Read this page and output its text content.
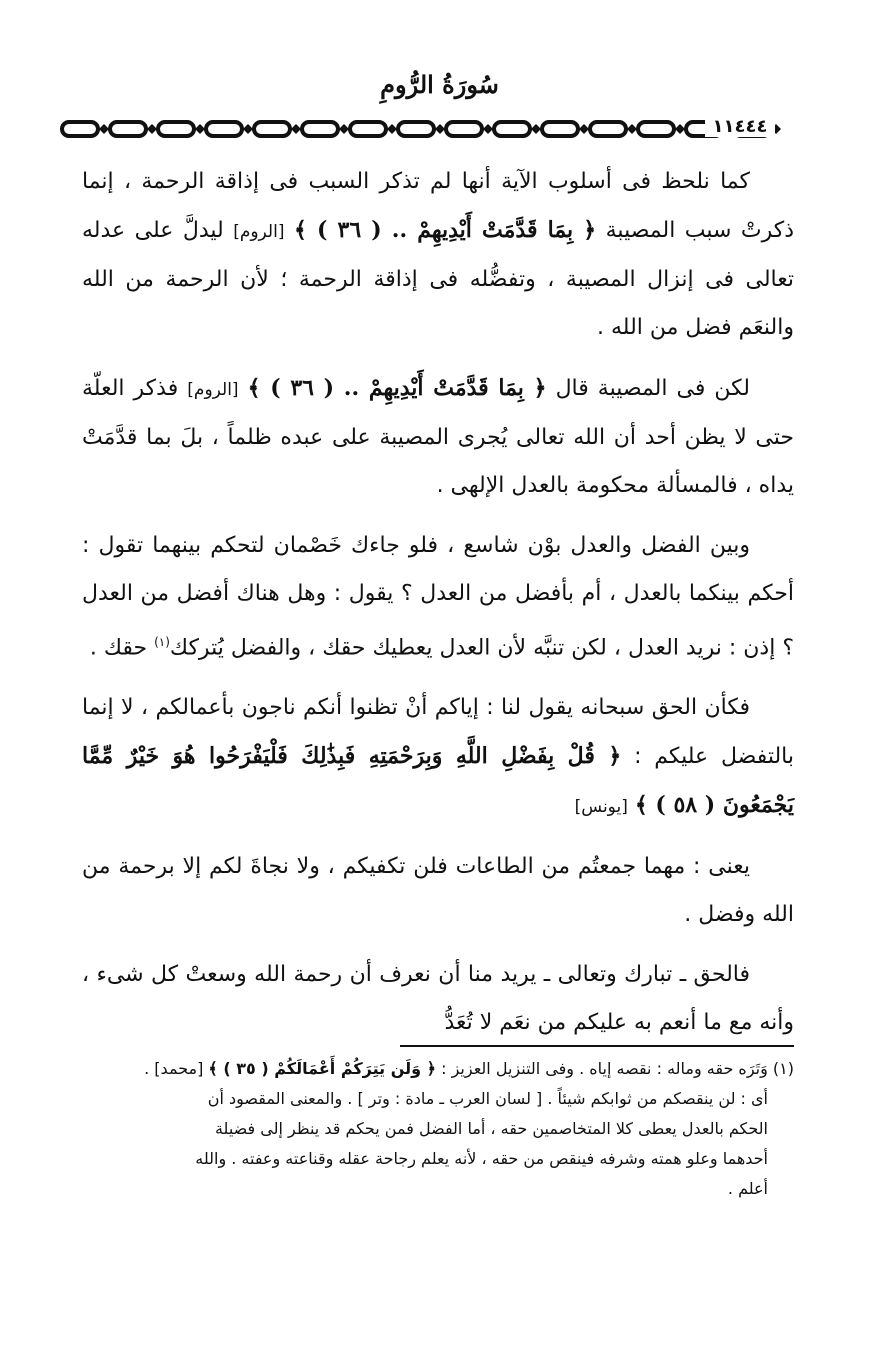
سُورَةُ الرُّومِ
١١٤٤٤

كما نلحظ فى أسلوب الآية أنها لم تذكر السبب فى إذاقة الرحمة ، إنما ذكرتْ سبب المصيبة ﴿ بِمَا قَدَّمَتْ أَيْدِيهِمْ .. ( ٣٦ ) ﴾ [الروم] ليدلَّ على عدله تعالى فى إنزال المصيبة ، وتفضُّله فى إذاقة الرحمة ؛ لأن الرحمة من الله والنعَم فضل من الله .

لكن فى المصيبة قال ﴿ بِمَا قَدَّمَتْ أَيْدِيهِمْ .. ( ٣٦ ) ﴾ [الروم] فذكر العلّة حتى لا يظن أحد أن الله تعالى يُجرى المصيبة على عبده ظلماً ، بلَ بما قدَّمَتْ يداه ، فالمسألة محكومة بالعدل الإلهى .

وبين الفضل والعدل بوْن شاسع ، فلو جاءك خَصْمان لتحكم بينهما تقول : أحكم بينكما بالعدل ، أم بأفضل من العدل ؟ يقول : وهل هناك أفضل من العدل ؟ إذن : نريد العدل ، لكن تنبَّه لأن العدل يعطيك حقك ، والفضل يُتركك$^{(١)}$ حقك .

فكأن الحق سبحانه يقول لنا : إياكم أنْ تظنوا أنكم ناجون بأعمالكم ، لا إنما بالتفضل عليكم : ﴿ قُلْ بِفَضْلِ اللَّهِ وَبِرَحْمَتِهِ فَبِذَٰلِكَ فَلْيَفْرَحُوا هُوَ خَيْرٌ مِّمَّا يَجْمَعُونَ ( ٥٨ ) ﴾ [يونس]

يعنى : مهما جمعتُم من الطاعات فلن تكفيكم ، ولا نجاةَ لكم إلا برحمة من الله وفضل .

فالحق ـ تبارك وتعالى ـ يريد منا أن نعرف أن رحمة الله وسعتْ كل شىء ، وأنه مع ما أنعم به عليكم من نعَم لا تُعَدُّ

(١) وَتَرَه حقه وماله : نقصه إياه . وفى التنزيل العزيز : ﴿ وَلَن يَتِرَكُمْ أَعْمَالَكُمْ ( ٣٥ ) ﴾ [محمد] .

أى : لن ينقصكم من ثوابكم شيئاً . [ لسان العرب ـ مادة : وتر ] . والمعنى المقصود أن

الحكم بالعدل يعطى كلا المتخاصمين حقه ، أما الفضل فمن يحكم قد ينظر إلى فضيلة

أحدهما وعلو همته وشرفه فينقص من حقه ، لأنه يعلم رجاحة عقله وقناعته وعفته . والله

أعلم .
